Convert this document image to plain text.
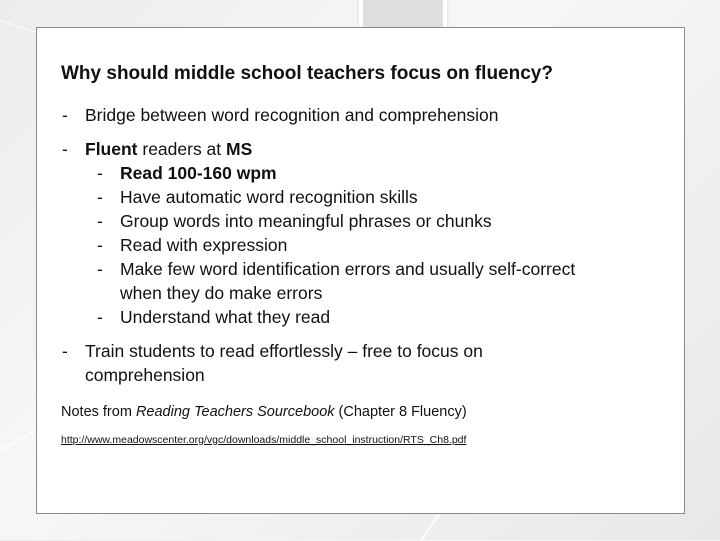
Why should middle school teachers focus on fluency?
- Bridge between word recognition and comprehension
- Fluent readers at MS
- Read 100-160 wpm
- Have automatic word recognition skills
- Group words into meaningful phrases or chunks
- Read with expression
- Make few word identification errors and usually self-correct
when they do make errors
- Understand what they read
- Train students to read effortlessly – free to focus on
comprehension
Notes from Reading Teachers Sourcebook (Chapter 8 Fluency)
http://www.meadowscenter.org/vgc/downloads/middle_school_instruction/RTS_Ch8.pdf
